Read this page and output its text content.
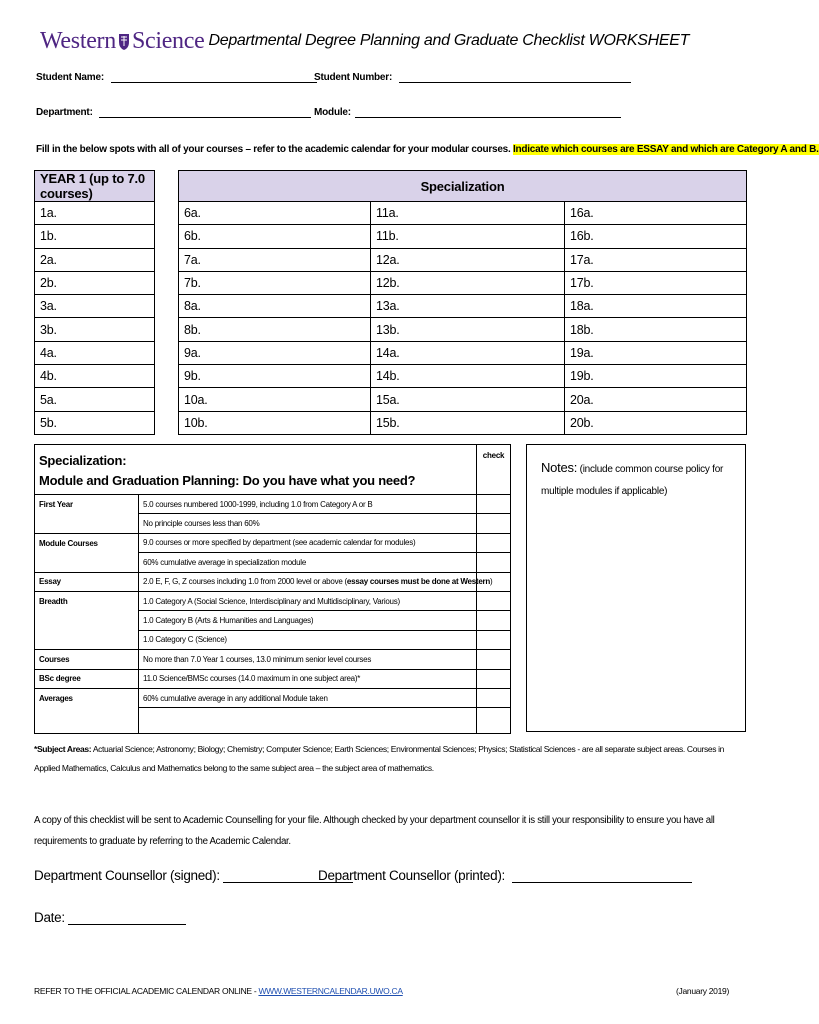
Western Science Departmental Degree Planning and Graduate Checklist WORKSHEET
Student Name:	Student Number:
Department:	Module:
Fill in the below spots with all of your courses – refer to the academic calendar for your modular courses. Indicate which courses are ESSAY and which are Category A and B.
YEAR 1 (up to 7.0 courses)		Specialization		
1a.		6a.	11a.	16a.
1b.		6b.	11b.	16b.
2a.		7a.	12a.	17a.
2b.		7b.	12b.	17b.
3a.		8a.	13a.	18a.
3b.		8b.	13b.	18b.
4a.		9a.	14a.	19a.
4b.		9b.	14b.	19b.
5a.		10a.	15a.	20a.
5b.		10b.	15b.	20b.
Specialization:
Module and Graduation Planning: Do you have what you need?		check
First Year	5.0 courses numbered 1000-1999, including 1.0 from Category A or B	
	No principle courses less than 60%	
Module Courses	9.0 courses or more specified by department (see academic calendar for modules)	
	60% cumulative average in specialization module	
Essay	2.0 E, F, G, Z courses including 1.0 from 2000 level or above (essay courses must be done at Western)	
Breadth	1.0 Category A (Social Science, Interdisciplinary and Multidisciplinary, Various)	
	1.0 Category B (Arts & Humanities and Languages)	
	1.0 Category C (Science)	
Courses	No more than 7.0 Year 1 courses, 13.0 minimum senior level courses	
BSc degree	11.0 Science/BMSc courses (14.0 maximum in one subject area)*	
Averages	60% cumulative average in any additional Module taken	

Notes: (include common course policy for multiple modules if applicable)
*Subject Areas: Actuarial Science; Astronomy; Biology; Chemistry; Computer Science; Earth Sciences; Environmental Sciences; Physics; Statistical Sciences - are all separate subject areas. Courses in Applied Mathematics, Calculus and Mathematics belong to the same subject area – the subject area of mathematics.
A copy of this checklist will be sent to Academic Counselling for your file. Although checked by your department counsellor it is still your responsibility to ensure you have all requirements to graduate by referring to the Academic Calendar.
Department Counsellor (signed):	Department Counsellor (printed):
Date:
REFER TO THE OFFICIAL ACADEMIC CALENDAR ONLINE - WWW.WESTERNCALENDAR.UWO.CA	(January 2019)
